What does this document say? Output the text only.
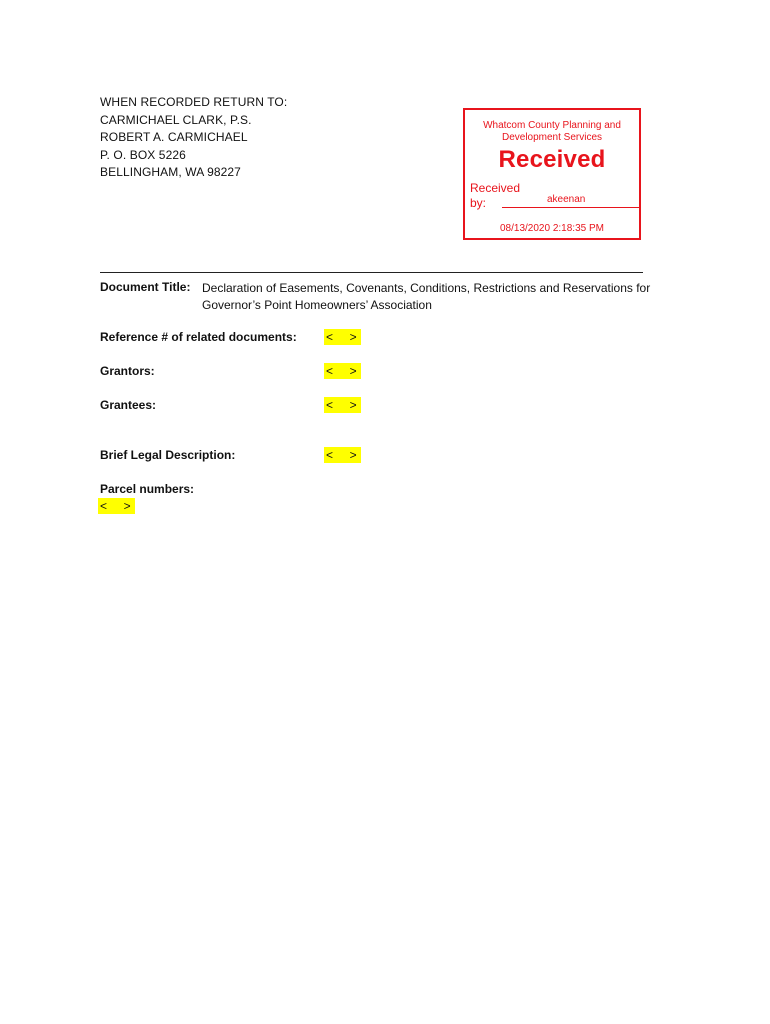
WHEN RECORDED RETURN TO:
CARMICHAEL CLARK, P.S.
ROBERT A. CARMICHAEL
P. O. BOX 5226
BELLINGHAM, WA 98227
Whatcom County Planning and
Development Services
Received
Received
by:	akeenan
08/13/2020 2:18:35 PM
Document Title: Declaration of Easements, Covenants, Conditions, Restrictions and Reservations for
Governor’s Point Homeowners’ Association
Reference # of related documents: <     >
Grantors:	<     >
Grantees:	<     >
Brief Legal Description:	<     >
Parcel numbers:
<     >
